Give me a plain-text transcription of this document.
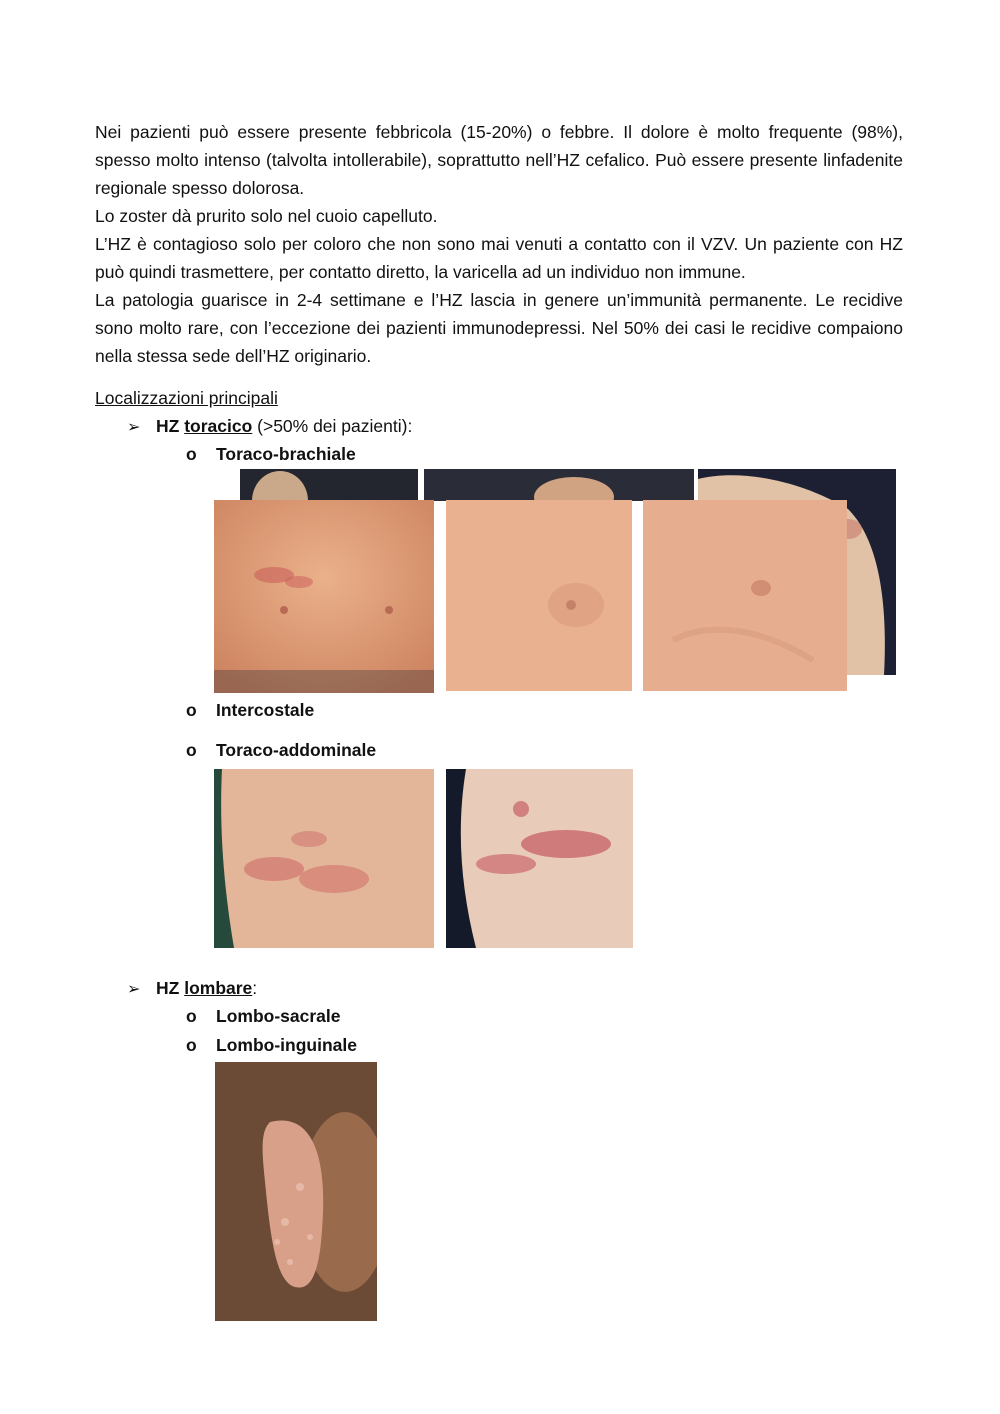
Nei pazienti può essere presente febbricola (15-20%) o febbre. Il dolore è molto frequente (98%), spesso molto intenso (talvolta intollerabile), soprattutto nell’HZ cefalico. Può essere presente linfadenite regionale spesso dolorosa.

Lo zoster dà prurito solo nel cuoio capelluto.

L’HZ è contagioso solo per coloro che non sono mai venuti a contatto con il VZV. Un paziente con HZ può quindi trasmettere, per contatto diretto, la varicella ad un individuo non immune.

La patologia guarisce in 2-4 settimane e l’HZ lascia in genere un’immunità permanente. Le recidive sono molto rare, con l’eccezione dei pazienti immunodepressi. Nel 50% dei casi le recidive compaiono nella stessa sede dell’HZ originario.

Localizzazioni principali
➢ HZ toracico (>50% dei pazienti):
o Toraco-brachiale
o Intercostale
o Toraco-addominale
➢ HZ lombare:
o Lombo-sacrale
o Lombo-inguinale
